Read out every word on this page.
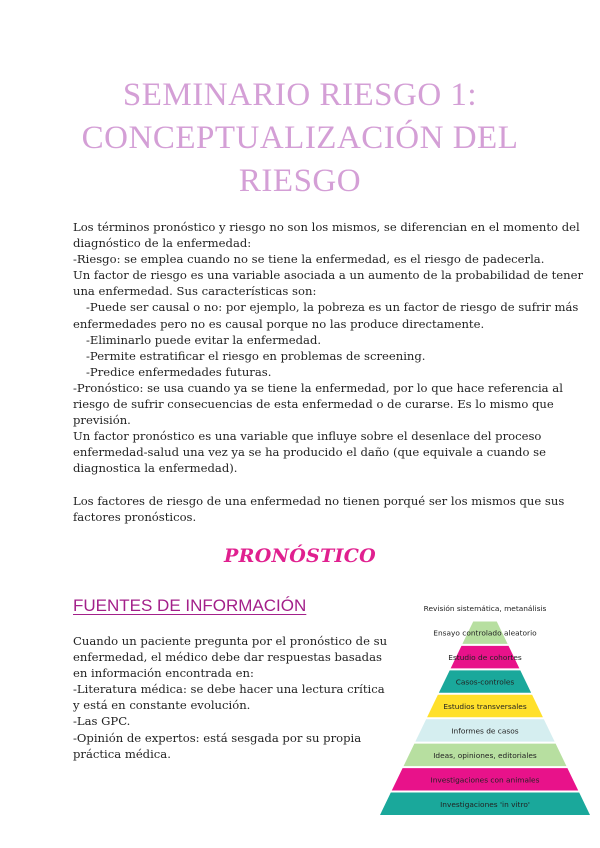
SEMINARIO RIESGO 1:
CONCEPTUALIZACIÓN DEL
RIESGO

Los términos pronóstico y riesgo no son los mismos, se diferencian en el momento del

diagnóstico de la enfermedad:

-Riesgo: se emplea cuando no se tiene la enfermedad, es el riesgo de padecerla.

Un factor de riesgo es una variable asociada a un aumento de la probabilidad de tener

una enfermedad. Sus características son:

-Puede ser causal o no: por ejemplo, la pobreza es un factor de riesgo de sufrir más

enfermedades pero no es causal porque no las produce directamente.

-Eliminarlo puede evitar la enfermedad.

-Permite estratificar el riesgo en problemas de screening.

-Predice enfermedades futuras.

-Pronóstico: se usa cuando ya se tiene la enfermedad, por lo que hace referencia al

riesgo de sufrir consecuencias de esta enfermedad o de curarse. Es lo mismo que

previsión.

Un factor pronóstico es una variable que influye sobre el desenlace del proceso

enfermedad-salud una vez ya se ha producido el daño (que equivale a cuando se

diagnostica la enfermedad).

Los factores de riesgo de una enfermedad no tienen porqué ser los mismos que sus

factores pronósticos.

PRONÓSTICO
FUENTES DE INFORMACIÓN

Cuando un paciente pregunta por el pronóstico de su

enfermedad, el médico debe dar respuestas basadas

en información encontrada en:

-Literatura médica: se debe hacer una lectura crítica

y está en constante evolución.

-Las GPC.

-Opinión de expertos: está sesgada por su propia

práctica médica.

Revisión sistemática, metanálisis
Ensayo controlado aleatorio
Estudio de cohortes
Casos-controles
Estudios transversales
Informes de casos
Ideas, opiniones, editoriales
Investigaciones con animales
Investigaciones 'in vitro'
